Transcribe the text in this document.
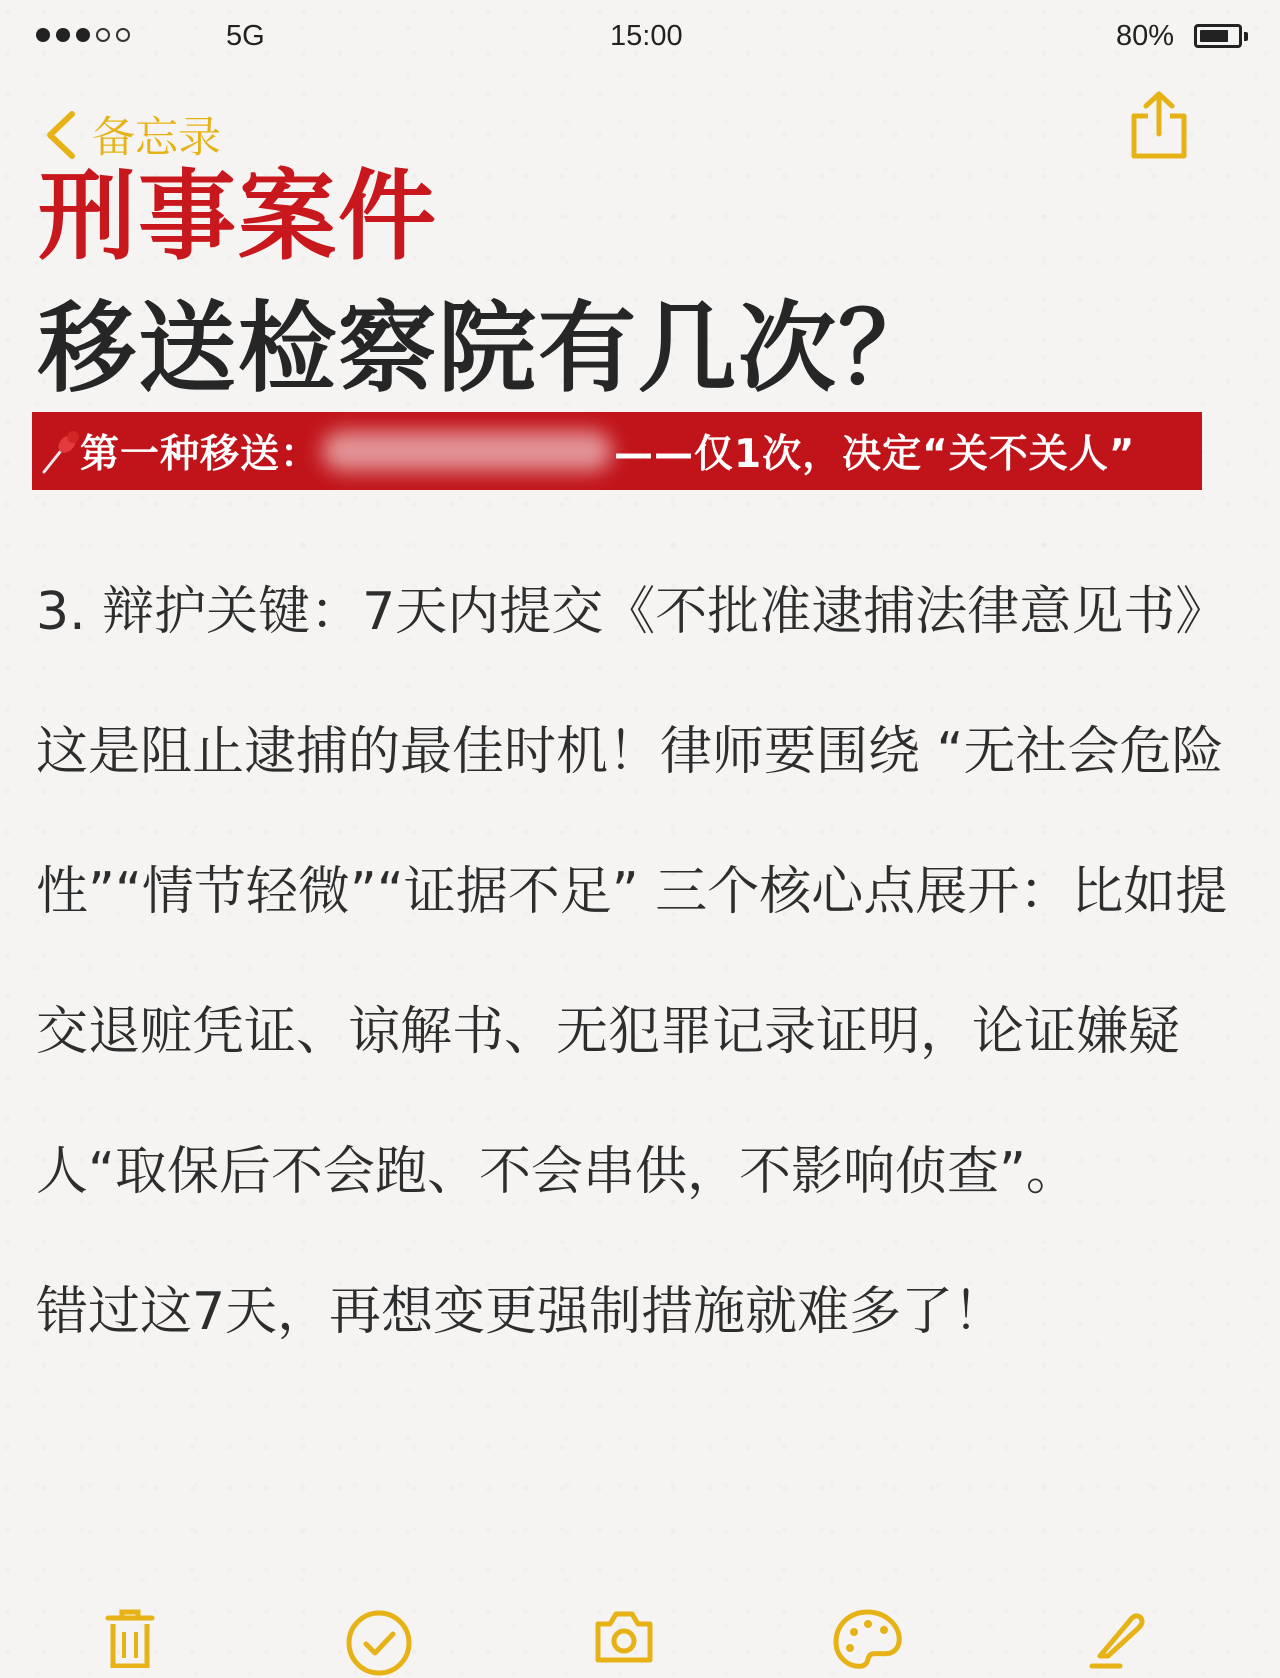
5G	15:00	80%
备忘录
刑事案件
移送检察院有几次？
第一种移送：	——仅1次，决定“关不关人”

3. 辩护关键：7天内提交《不批准逮捕法律意见书》

这是阻止逮捕的最佳时机！律师要围绕 “无社会危险性”“情节轻微”“证据不足” 三个核心点展开：比如提交退赃凭证、谅解书、无犯罪记录证明，论证嫌疑人“取保后不会跑、不会串供，不影响侦查”。

错过这7天，再想变更强制措施就难多了！
